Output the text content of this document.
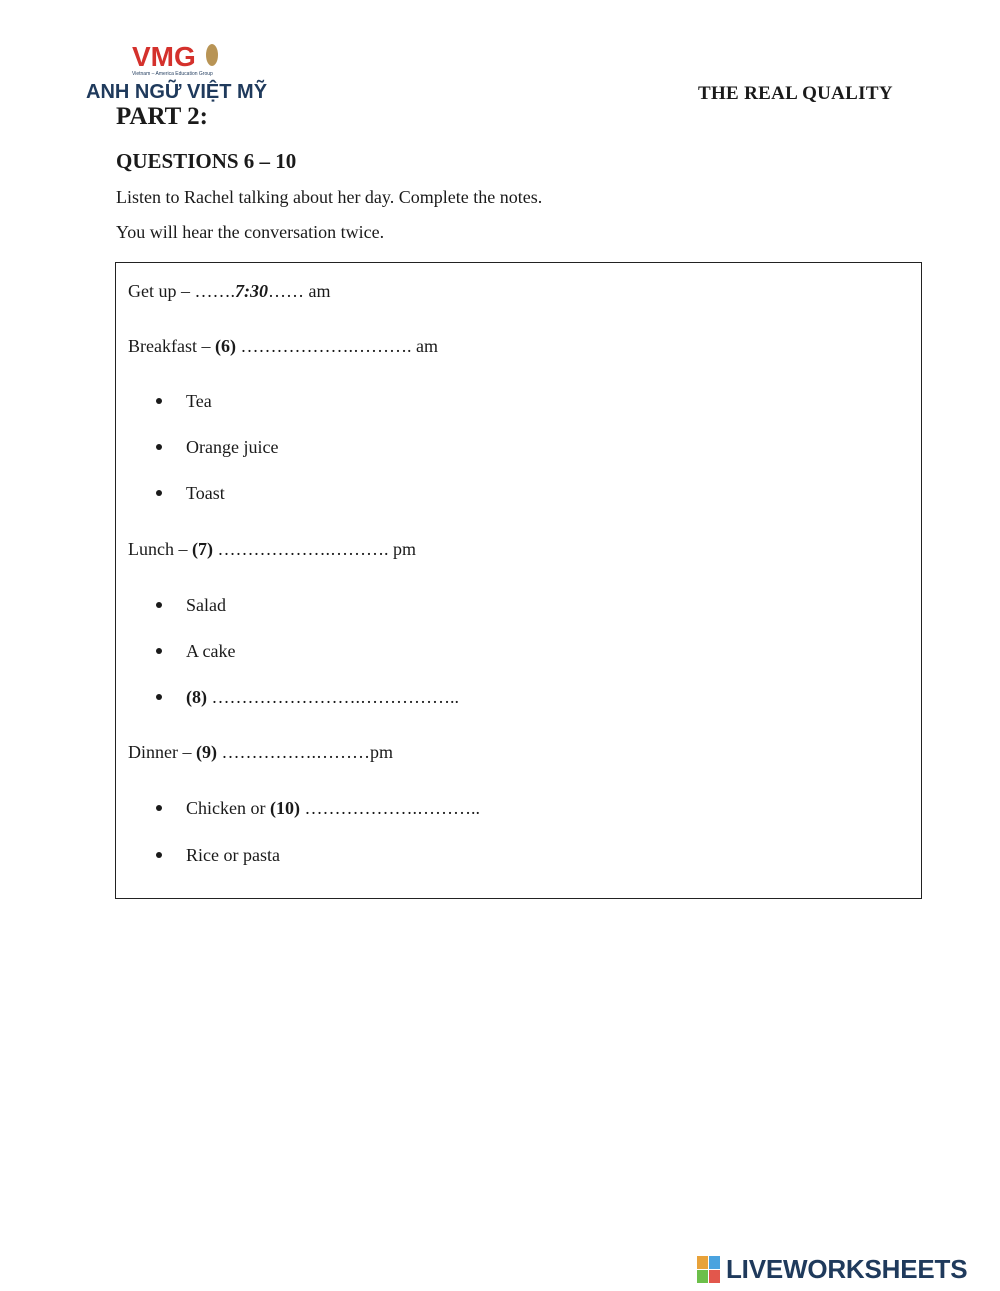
VMG
Vietnam – America Education Group
ANH NGỮ VIỆT MỸ	THE REAL QUALITY
PART 2:
QUESTIONS 6 – 10
Listen to Rachel talking about her day. Complete the notes.
You will hear the conversation twice.
Get up – …….7:30…… am
Breakfast – (6) ……………….………. am
Tea
Orange juice
Toast
Lunch – (7) ……………….………. pm
Salad
A cake
(8) …………………….……………..
Dinner – (9) …………….………pm
Chicken or (10) ……………….………..
Rice or pasta
LIVEWORKSHEETS
